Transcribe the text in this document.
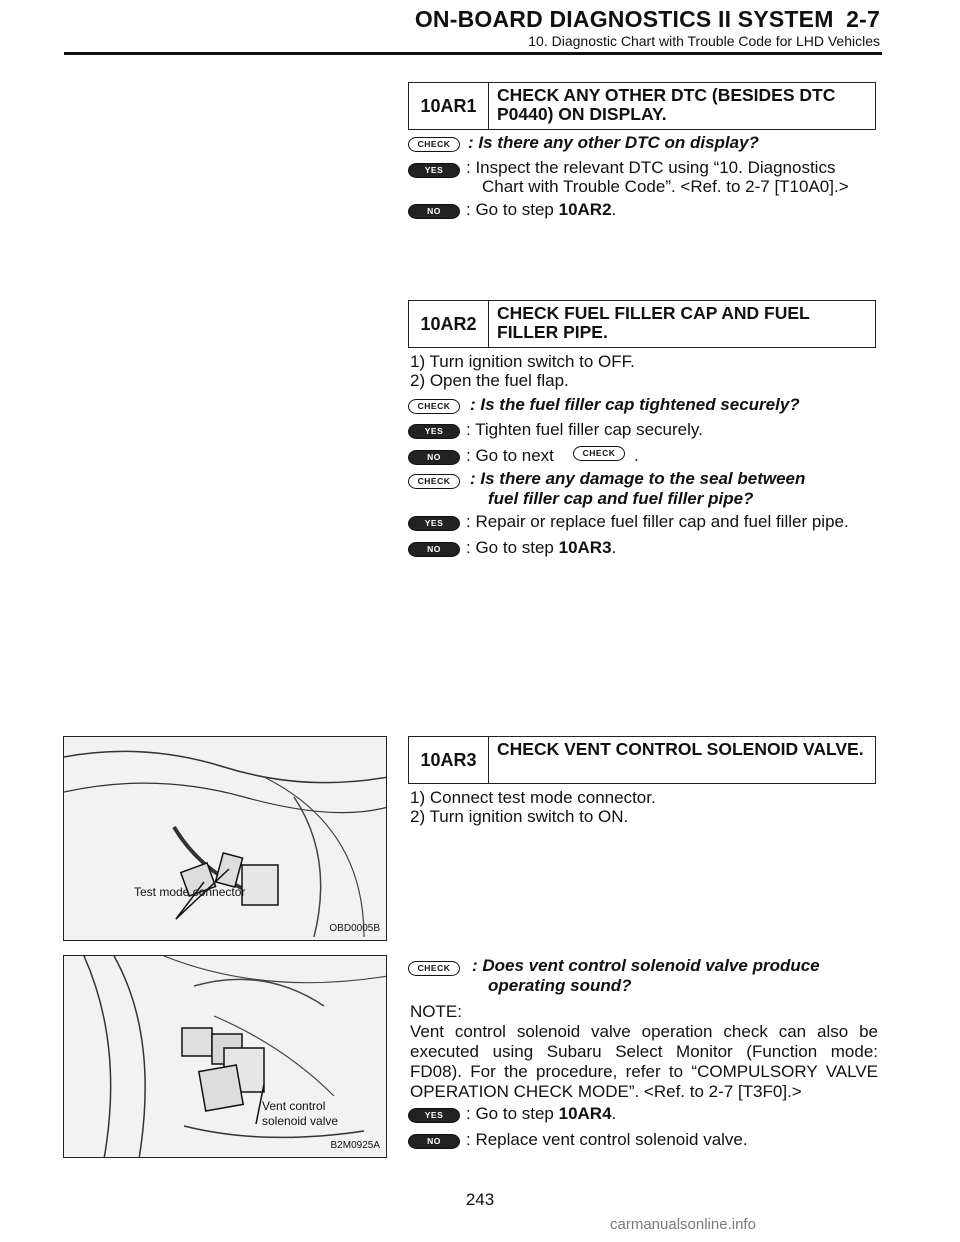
ON-BOARD DIAGNOSTICS II SYSTEM 2-7
10. Diagnostic Chart with Trouble Code for LHD Vehicles
10AR1
CHECK ANY OTHER DTC (BESIDES DTC P0440) ON DISPLAY.
CHECK	: Is there any other DTC on display?
YES	: Inspect the relevant DTC using “10. Diagnostics
Chart with Trouble Code”. <Ref. to 2-7 [T10A0].>
NO	: Go to step 10AR2.
10AR2
CHECK FUEL FILLER CAP AND FUEL FILLER PIPE.
1) Turn ignition switch to OFF.
2) Open the fuel flap.
CHECK	: Is the fuel filler cap tightened securely?
YES	: Tighten fuel filler cap securely.
NO	: Go to next	CHECK	.
CHECK	: Is there any damage to the seal between
fuel filler cap and fuel filler pipe?
YES	: Repair or replace fuel filler cap and fuel filler pipe.
NO	: Go to step 10AR3.
Test mode connector
OBD0005B
10AR3
CHECK VENT CONTROL SOLENOID VALVE.
1) Connect test mode connector.
2) Turn ignition switch to ON.
Vent control
solenoid valve
B2M0925A
CHECK	: Does vent control solenoid valve produce
operating sound?
NOTE:
Vent control solenoid valve operation check can also be executed using Subaru Select Monitor (Function mode: FD08). For the procedure, refer to “COMPULSORY VALVE OPERATION CHECK MODE”. <Ref. to 2-7 [T3F0].>
YES	: Go to step 10AR4.
NO	: Replace vent control solenoid valve.
243
carmanualsonline.info
